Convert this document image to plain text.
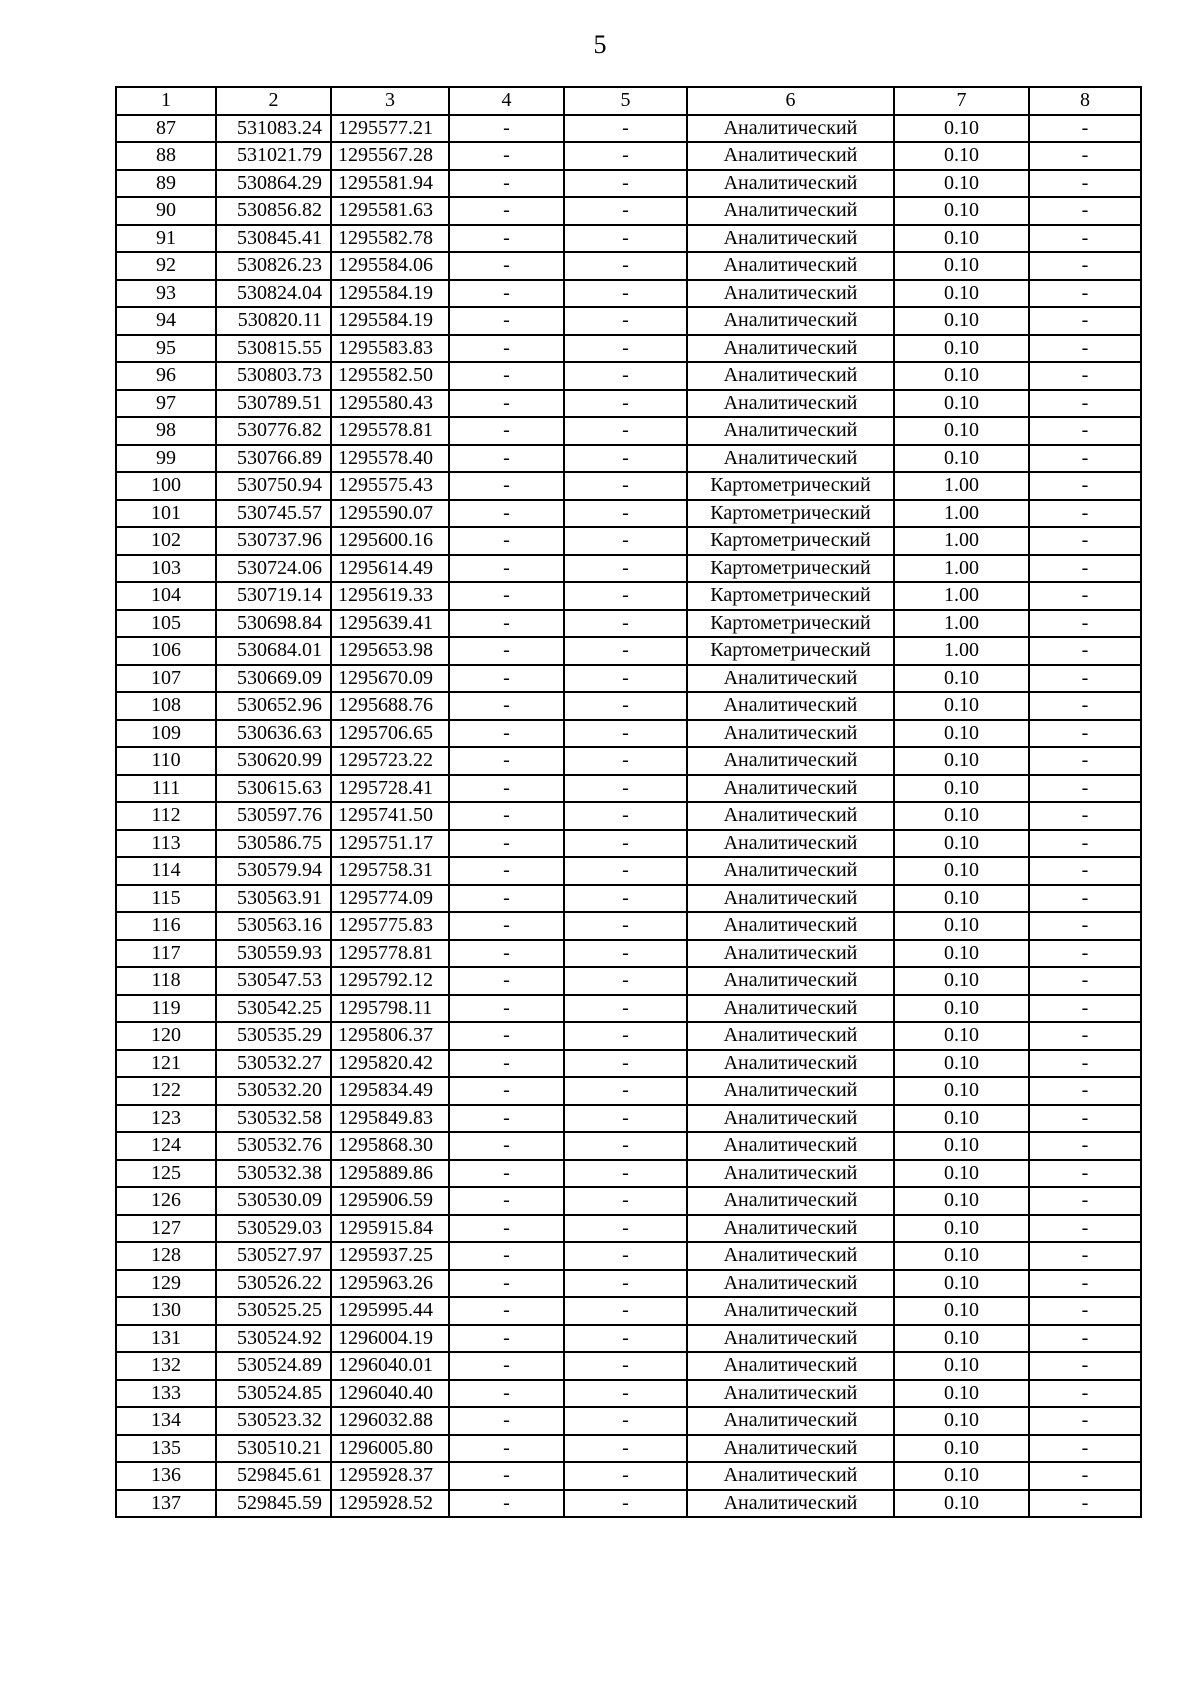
5
1	2	3	4	5	6	7	8
87	531083.24	1295577.21	-	-	Аналитический	0.10	-
88	531021.79	1295567.28	-	-	Аналитический	0.10	-
89	530864.29	1295581.94	-	-	Аналитический	0.10	-
90	530856.82	1295581.63	-	-	Аналитический	0.10	-
91	530845.41	1295582.78	-	-	Аналитический	0.10	-
92	530826.23	1295584.06	-	-	Аналитический	0.10	-
93	530824.04	1295584.19	-	-	Аналитический	0.10	-
94	530820.11	1295584.19	-	-	Аналитический	0.10	-
95	530815.55	1295583.83	-	-	Аналитический	0.10	-
96	530803.73	1295582.50	-	-	Аналитический	0.10	-
97	530789.51	1295580.43	-	-	Аналитический	0.10	-
98	530776.82	1295578.81	-	-	Аналитический	0.10	-
99	530766.89	1295578.40	-	-	Аналитический	0.10	-
100	530750.94	1295575.43	-	-	Картометрический	1.00	-
101	530745.57	1295590.07	-	-	Картометрический	1.00	-
102	530737.96	1295600.16	-	-	Картометрический	1.00	-
103	530724.06	1295614.49	-	-	Картометрический	1.00	-
104	530719.14	1295619.33	-	-	Картометрический	1.00	-
105	530698.84	1295639.41	-	-	Картометрический	1.00	-
106	530684.01	1295653.98	-	-	Картометрический	1.00	-
107	530669.09	1295670.09	-	-	Аналитический	0.10	-
108	530652.96	1295688.76	-	-	Аналитический	0.10	-
109	530636.63	1295706.65	-	-	Аналитический	0.10	-
110	530620.99	1295723.22	-	-	Аналитический	0.10	-
111	530615.63	1295728.41	-	-	Аналитический	0.10	-
112	530597.76	1295741.50	-	-	Аналитический	0.10	-
113	530586.75	1295751.17	-	-	Аналитический	0.10	-
114	530579.94	1295758.31	-	-	Аналитический	0.10	-
115	530563.91	1295774.09	-	-	Аналитический	0.10	-
116	530563.16	1295775.83	-	-	Аналитический	0.10	-
117	530559.93	1295778.81	-	-	Аналитический	0.10	-
118	530547.53	1295792.12	-	-	Аналитический	0.10	-
119	530542.25	1295798.11	-	-	Аналитический	0.10	-
120	530535.29	1295806.37	-	-	Аналитический	0.10	-
121	530532.27	1295820.42	-	-	Аналитический	0.10	-
122	530532.20	1295834.49	-	-	Аналитический	0.10	-
123	530532.58	1295849.83	-	-	Аналитический	0.10	-
124	530532.76	1295868.30	-	-	Аналитический	0.10	-
125	530532.38	1295889.86	-	-	Аналитический	0.10	-
126	530530.09	1295906.59	-	-	Аналитический	0.10	-
127	530529.03	1295915.84	-	-	Аналитический	0.10	-
128	530527.97	1295937.25	-	-	Аналитический	0.10	-
129	530526.22	1295963.26	-	-	Аналитический	0.10	-
130	530525.25	1295995.44	-	-	Аналитический	0.10	-
131	530524.92	1296004.19	-	-	Аналитический	0.10	-
132	530524.89	1296040.01	-	-	Аналитический	0.10	-
133	530524.85	1296040.40	-	-	Аналитический	0.10	-
134	530523.32	1296032.88	-	-	Аналитический	0.10	-
135	530510.21	1296005.80	-	-	Аналитический	0.10	-
136	529845.61	1295928.37	-	-	Аналитический	0.10	-
137	529845.59	1295928.52	-	-	Аналитический	0.10	-
